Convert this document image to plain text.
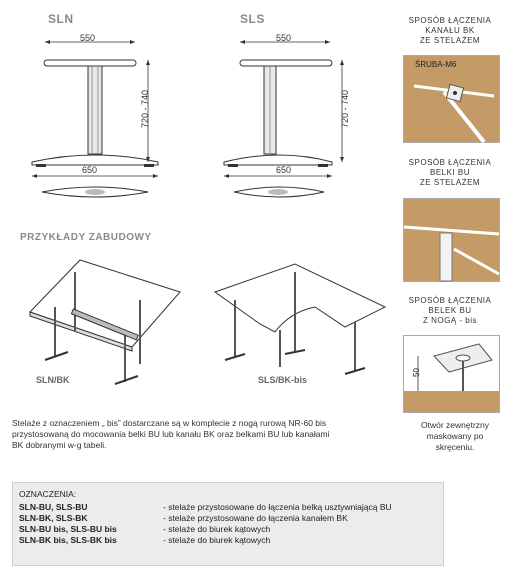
SLN	SLS
550
650
720 - 740
550
650
720 - 740
PRZYKŁADY ZABUDOWY
SLN/BK	SLS/BK-bis
SPOSÓB ŁĄCZENIA
KANAŁU BK
ZE STELAŻEM
ŚRUBA-M6
SPOSÓB ŁĄCZENIA
BELKI BU
ZE STELAŻEM
SPOSÓB ŁĄCZENIA
BELEK BU
Z NOGĄ - bis
50
Otwór zewnętrzny
maskowany po
skręceniu.
Stelaże z oznaczeniem „ bis” dostarczane są w komplecie z nogą rurową NR-60 bis
przystosowaną do mocowania belki BU lub kanału BK oraz belkami BU lub kanałami
BK dobranymi w-g tabeli.
OZNACZENIA:
SLN-BU, SLS-BU	- stelaże przystosowane do łączenia belką usztywniającą BU
SLN-BK, SLS-BK	- stelaże przystosowane do łączenia kanałem BK
SLN-BU bis, SLS-BU bis	- stelaże do biurek kątowych
SLN-BK bis, SLS-BK bis	- stelaże do biurek kątowych
